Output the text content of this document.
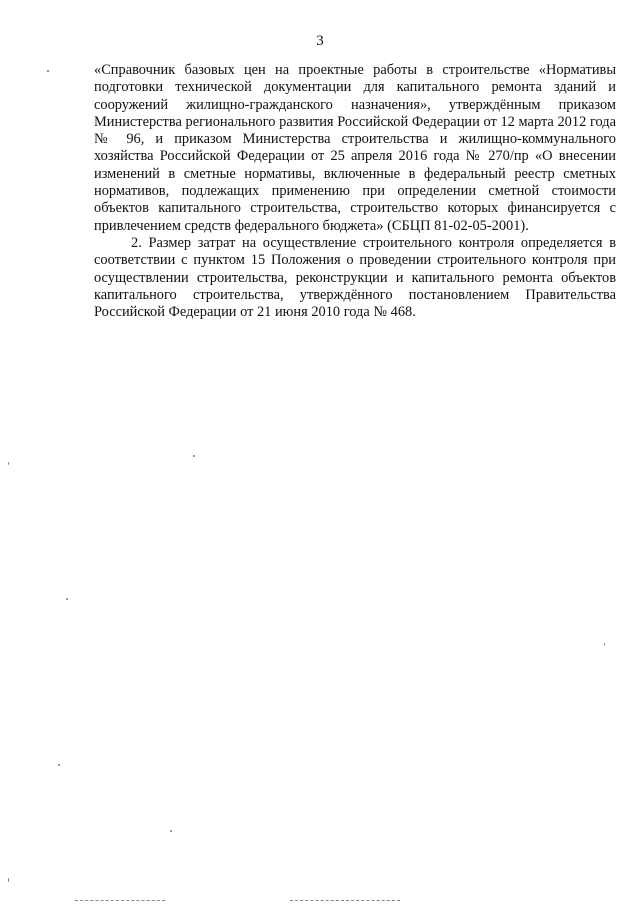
3

«Справочник базовых цен на проектные работы в строительстве «Нормативы подготовки технической документации для капитального ремонта зданий и сооружений жилищно-гражданского назначения», утверждённым приказом Министерства регионального развития Российской Федерации от 12 марта 2012 года № 96, и приказом Министерства строительства и жилищно-коммунального хозяйства Российской Федерации от 25 апреля 2016 года № 270/пр «О внесении изменений в сметные нормативы, включенные в федеральный реестр сметных нормативов, подлежащих применению при определении сметной стоимости объектов капитального строительства, строительство которых финансируется с привлечением средств федерального бюджета» (СБЦП 81-02-05-2001).

2. Размер затрат на осуществление строительного контроля определяется в соответствии с пунктом 15 Положения о проведении строительного контроля при осуществлении строительства, реконструкции и капитального ремонта объектов капитального строительства, утверждённого постановлением Правительства Российской Федерации от 21 июня 2010 года № 468.
